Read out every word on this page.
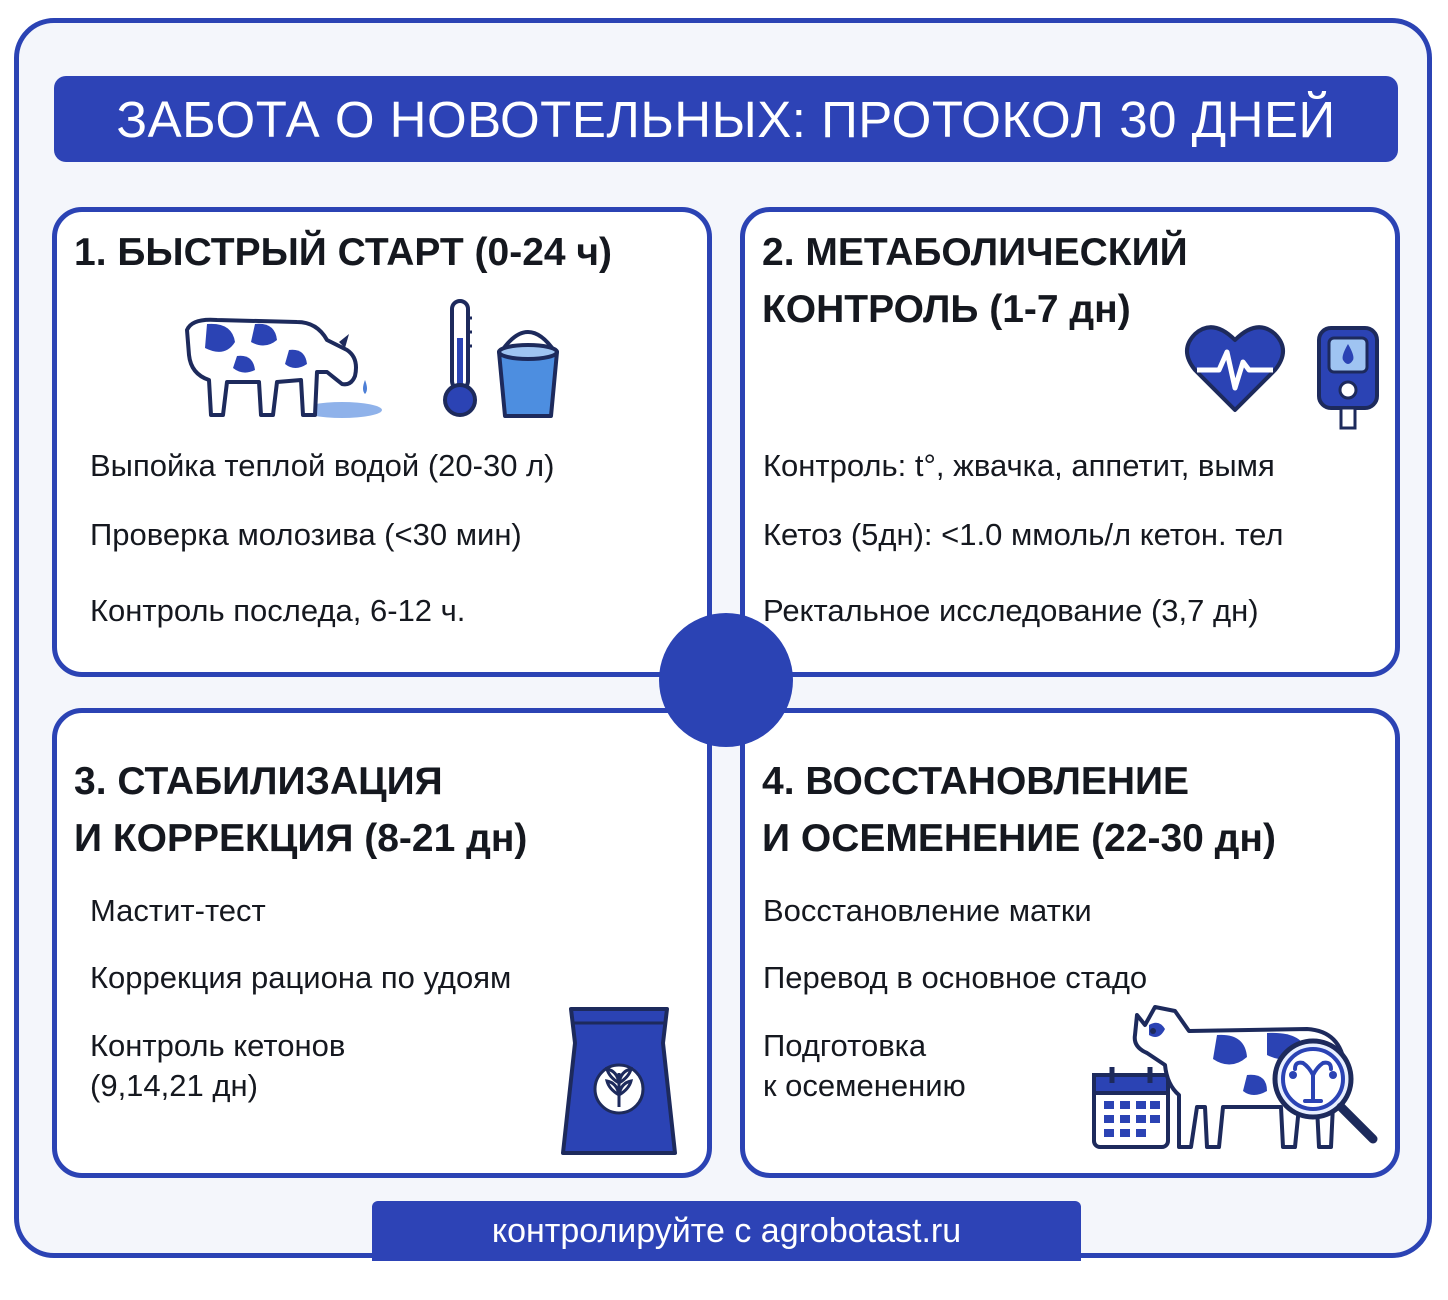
ЗАБОТА О НОВОТЕЛЬНЫХ: ПРОТОКОЛ 30 ДНЕЙ
1. БЫСТРЫЙ СТАРТ (0-24 ч)
Выпойка теплой водой (20-30 л)
Проверка молозива (<30 мин)
Контроль последа, 6-12 ч.
2. МЕТАБОЛИЧЕСКИЙ
КОНТРОЛЬ (1-7 дн)
Контроль: t°, жвачка, аппетит, вымя
Кетоз (5дн): <1.0 ммоль/л кетон. тел
Ректальное исследование (3,7 дн)
3. СТАБИЛИЗАЦИЯ
И КОРРЕКЦИЯ (8-21 дн)
Мастит-тест
Коррекция рациона по удоям
Контроль кетонов
(9,14,21 дн)
4. ВОССТАНОВЛЕНИЕ
И ОСЕМЕНЕНИЕ (22-30 дн)
Восстановление матки
Перевод в основное стадо
Подготовка
к осеменению
контролируйте с agrobotast.ru
